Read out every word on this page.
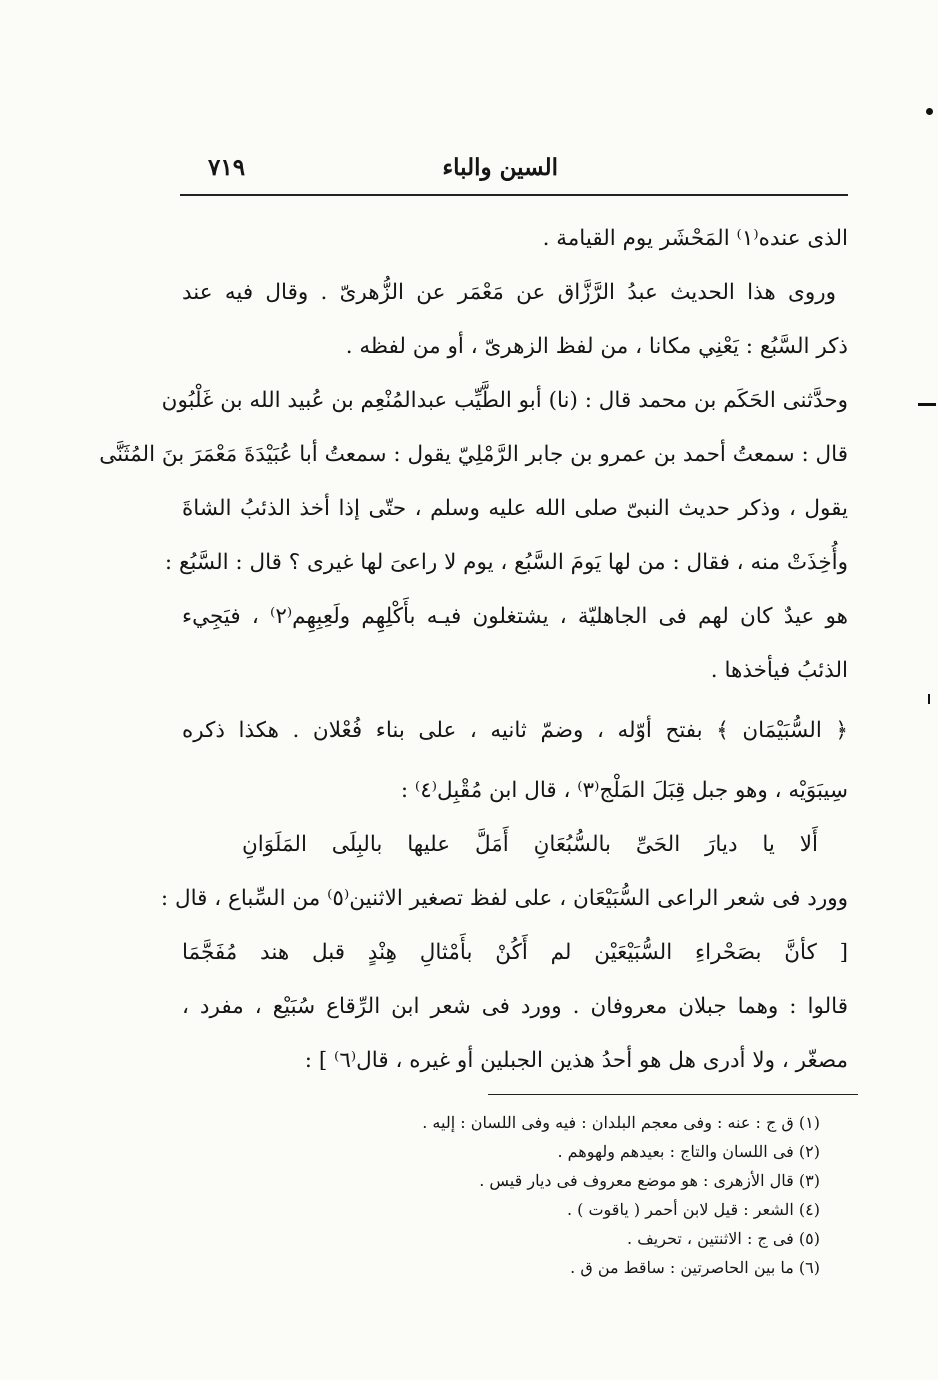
السين والباء
٧١٩
الذى عنده⁽١⁾ المَحْشَر يوم القيامة .
وروى هذا الحديث عبدُ الرَّزَّاق عن مَعْمَر عن الزُّهرىّ . وقال فيه عند
ذكر السَّبُع : يَعْنِي مكانا ، من لفظ الزهرىّ ، أو من لفظه .
وحدَّثنى الحَكَم بن محمد قال : (نا) أبو الطَّيِّب عبدالمُنْعِم بن عُبيد الله بن غَلْبُون
قال : سمعتُ أحمد بن عمرو بن جابر الرَّمْلِيّ يقول : سمعتُ أبا عُبَيْدَةَ مَعْمَرَ بنَ المُثَنَّى
يقول ، وذكر حديث النبىّ صلى الله عليه وسلم ، حتّى إذا أخذ الذئبُ الشاةَ
وأُخِذَتْ منه ، فقال : من لها يَومَ السَّبُع ، يوم لا راعىَ لها غيرى ؟ قال : السَّبُع :
هو عيدٌ كان لهم فى الجاهليّة ، يشتغلون فيـه بأَكْلِهِم ولَعِبِهِم⁽٢⁾ ، فيَجِيء
الذئبُ فيأخذها .
﴿ السُّبَيْمَان ﴾ بفتح أوّله ، وضمّ ثانيه ، على بناء فُعْلان . هكذا ذكره
سِيبَوَيْه ، وهو جبل قِبَلَ المَلْج⁽٣⁾ ، قال ابن مُقْبِل⁽٤⁾ :
أَلا يا ديارَ الحَىِّ بالسُّبُعَانِ أَمَلَّ عليها بالبِلَى المَلَوَانِ
وورد فى شعر الراعى السُّبَيْعَان ، على لفظ تصغير الاثنين⁽٥⁾ من السِّباع ، قال :
[ كأنَّ بصَحْراءِ السُّبَيْعَيْن لم أَكُنْ بأَمْثالِ هِنْدٍ قبل هند مُفَجَّمَا
قالوا : وهما جبلان معروفان . وورد فى شعر ابن الرِّقاع سُبَيْع ، مفرد ،
مصغّر ، ولا أدرى هل هو أحدُ هذين الجبلين أو غيره ، قال⁽٦⁾ ] :
(١) ق ج : عنه : وفى معجم البلدان : فيه وفى اللسان : إليه .
(٢) فى اللسان والتاج : بعيدهم ولهوهم .
(٣) قال الأزهرى : هو موضع معروف فى ديار قيس .
(٤) الشعر : قيل لابن أحمر ( ياقوت ) .
(٥) فى ج : الاثنتين ، تحريف .
(٦) ما بين الحاصرتين : ساقط من ق .
